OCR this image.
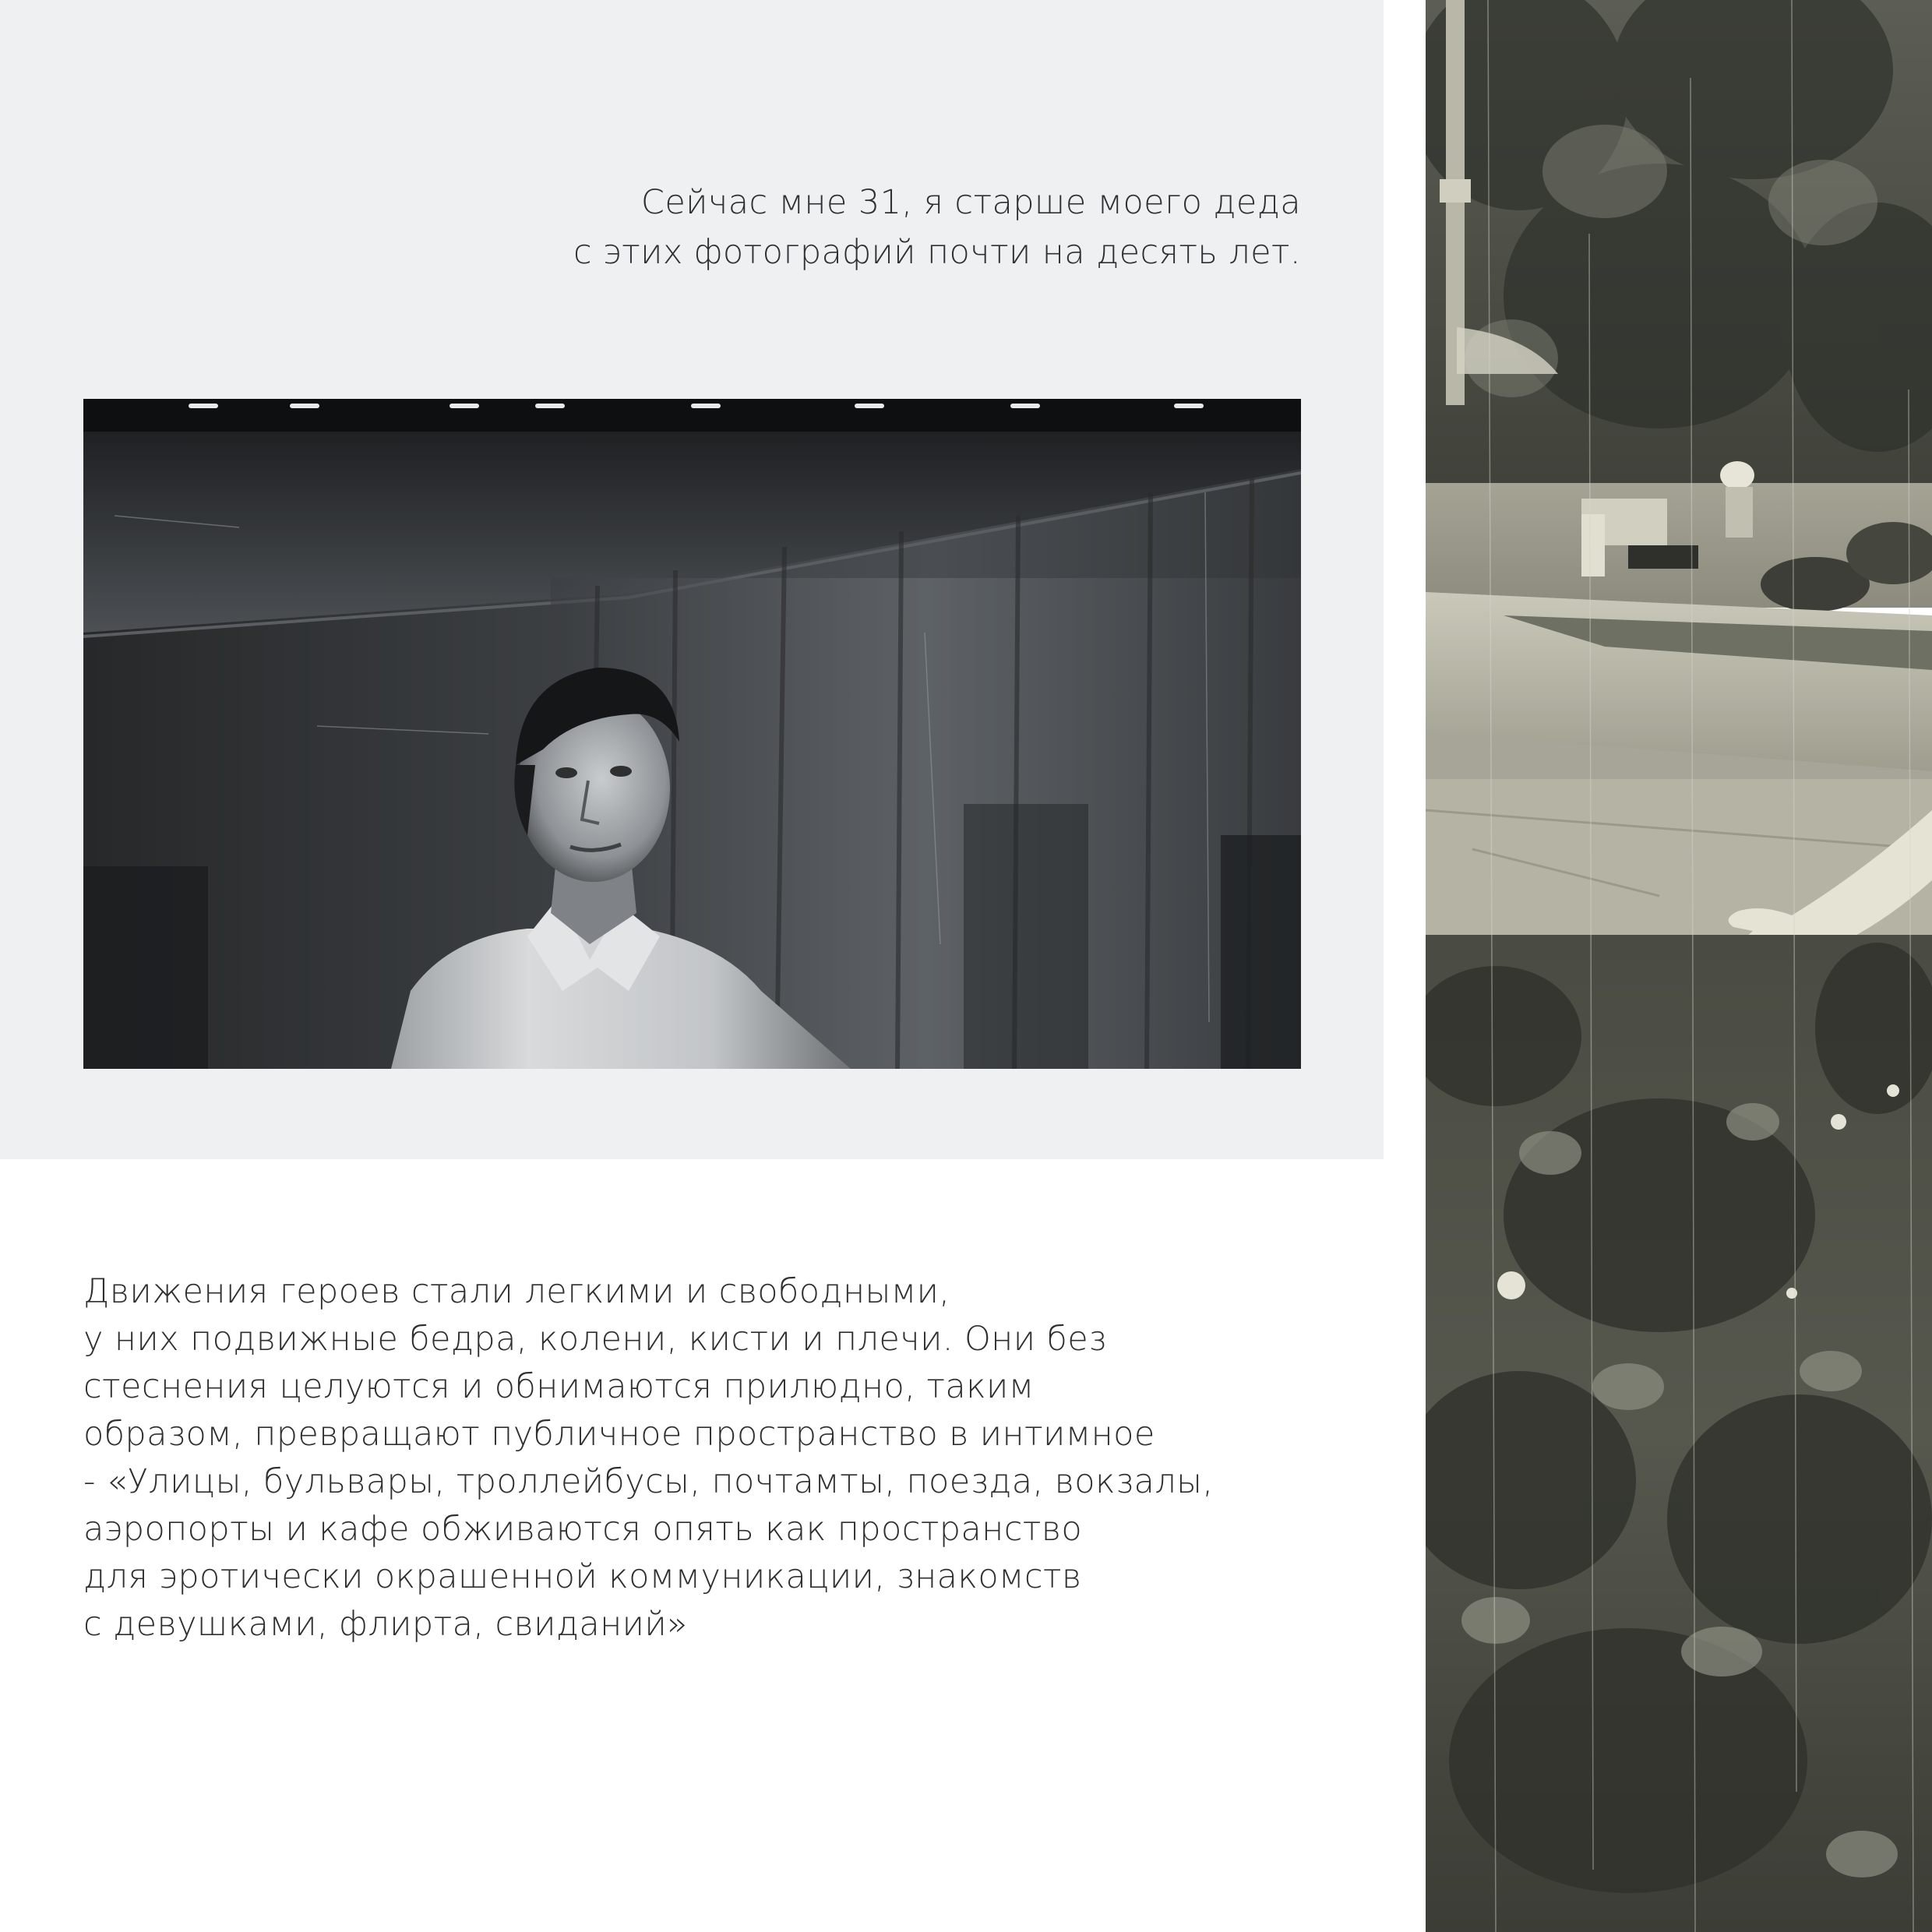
Сейчас мне 31, я старше моего деда
с этих фотографий почти на десять лет.
Движения героев стали легкими и свободными,
у них подвижные бедра, колени, кисти и плечи. Они без
стеснения целуются и обнимаются прилюдно, таким
образом, превращают публичное пространство в интимное
- «Улицы, бульвары, троллейбусы, почтамты, поезда, вокзалы,
аэропорты и кафе обживаются опять как пространство
для эротически окрашенной коммуникации, знакомств
с девушками, флирта, свиданий»
